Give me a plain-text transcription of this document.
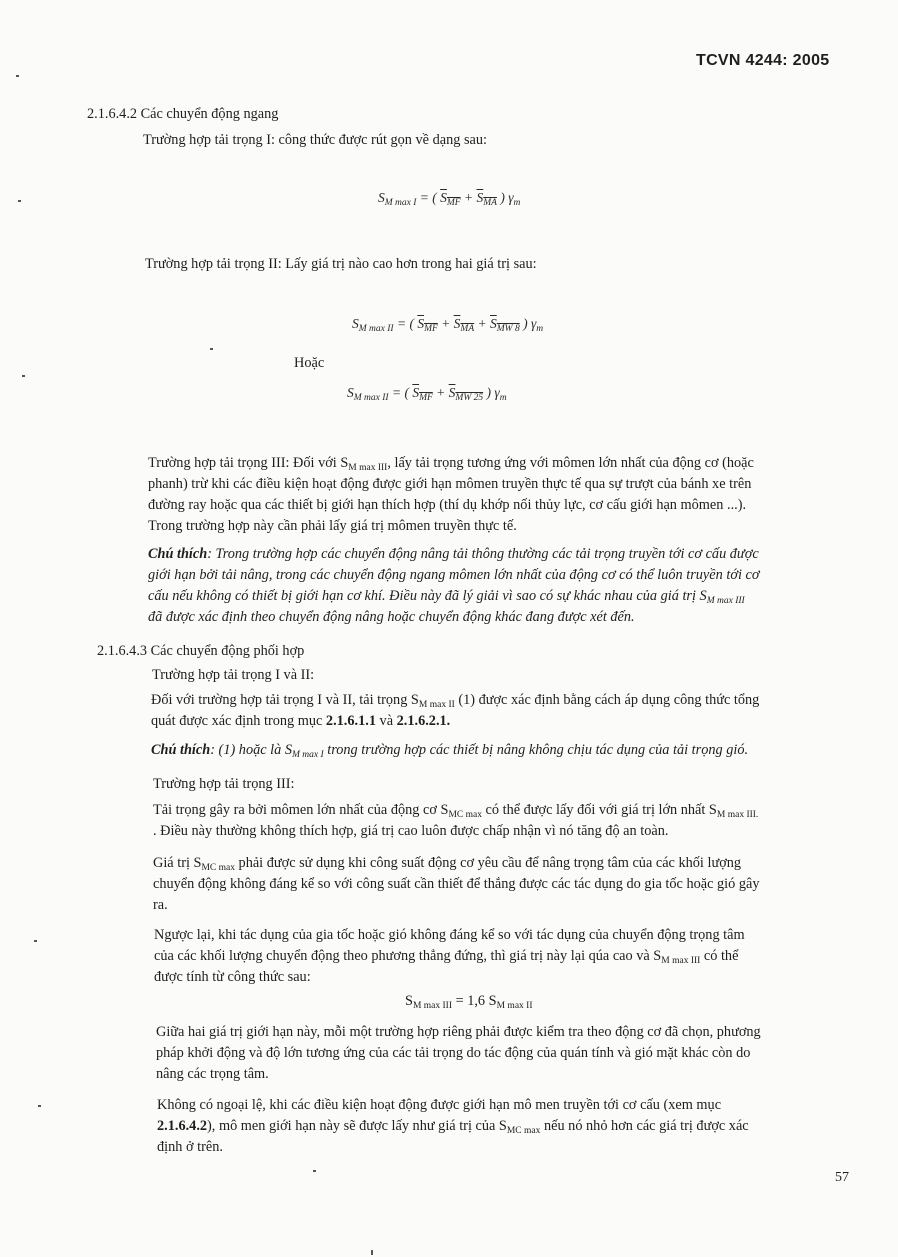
TCVN 4244: 2005
2.1.6.4.2 Các chuyển động ngang
Trường hợp tải trọng I: công thức được rút gọn về dạng sau:
$S_{M max I}$ = ( $S_{MF} + S_{MA}$ ) $\gamma_m$
Trường hợp tải trọng II: Lấy giá trị nào cao hơn trong hai giá trị sau:
$S_{M max II}$ = ( $S_{MF} + S_{MA} + S_{MW 8}$ ) $\gamma_m$
Hoặc
$S_{M max II}$ = ( $S_{MF} + S_{MW 25}$ ) $\gamma_m$
Trường hợp tải trọng III: Đối với $S_{M max III}$, lấy tải trọng tương ứng với mômen lớn nhất của động cơ (hoặc
phanh) trừ khi các điều kiện hoạt động được giới hạn mômen truyền thực tế qua sự trượt của bánh xe trên
đường ray hoặc qua các thiết bị giới hạn thích hợp (thí dụ khớp nối thủy lực, cơ cấu giới hạn mômen ...).
Trong trường hợp này cần phải lấy giá trị mômen truyền thực tế.
Chú thích: Trong trường hợp các chuyển động nâng tải thông thường các tải trọng truyền tới cơ cấu được
giới hạn bởi tải nâng, trong các chuyển động ngang mômen lớn nhất của động cơ có thể luôn truyền tới cơ
cấu nếu không có thiết bị giới hạn cơ khí. Điều này đã lý giải vì sao có sự khác nhau của giá trị $S_{M max III}$
đã được xác định theo chuyển động nâng hoặc chuyển động khác đang được xét đến.
2.1.6.4.3 Các chuyển động phối hợp
Trường hợp tải trọng I và II:
Đối với trường hợp tải trọng I và II, tải trọng $S_{M max II}$ (1) được xác định bằng cách áp dụng công thức tổng
quát được xác định trong mục 2.1.6.1.1 và 2.1.6.2.1.
Chú thích: (1) hoặc là $S_{M max I}$ trong trường hợp các thiết bị nâng không chịu tác dụng của tải trọng gió.
Trường hợp tải trọng III:
Tải trọng gây ra bởi mômen lớn nhất của động cơ $S_{MC max}$ có thể được lấy đối với giá trị lớn nhất $S_{M max III.}$
. Điều này thường không thích hợp, giá trị cao luôn được chấp nhận vì nó tăng độ an toàn.
Giá trị $S_{MC max}$ phải được sử dụng khi công suất động cơ yêu cầu để nâng trọng tâm của các khối lượng
chuyển động không đáng kể so với công suất cần thiết để thắng được các tác dụng do gia tốc hoặc gió gây
ra.
Ngược lại, khi tác dụng của gia tốc hoặc gió không đáng kể so với tác dụng của chuyển động trọng tâm
của các khối lượng chuyển động theo phương thẳng đứng, thì giá trị này lại qúa cao và $S_{M max III}$ có thể
được tính từ công thức sau:
$S_{M max III} = 1,6$ $S_{M max II}$
Giữa hai giá trị giới hạn này, mỗi một trường hợp riêng phải được kiểm tra theo động cơ đã chọn, phương
pháp khởi động và độ lớn tương ứng của các tải trọng do tác động của quán tính và gió mặt khác còn do
nâng các trọng tâm.
Không có ngoại lệ, khi các điều kiện hoạt động được giới hạn mô men truyền tới cơ cấu (xem mục
2.1.6.4.2), mô men giới hạn này sẽ được lấy như giá trị của $S_{MC max}$ nếu nó nhỏ hơn các giá trị được xác
định ở trên.
57
